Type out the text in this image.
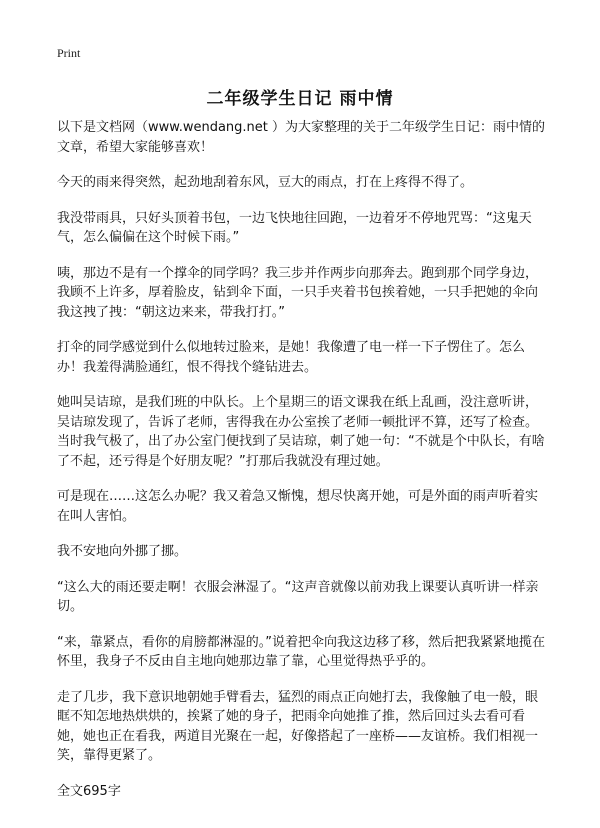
Print
二年级学生日记 雨中情

以下是文档网（www.wendang.net ）为大家整理的关于二年级学生日记：雨中情的文章，希望大家能够喜欢！

今天的雨来得突然，起劲地刮着东风，豆大的雨点，打在上疼得不得了。

我没带雨具，只好头顶着书包，一边飞快地往回跑，一边着牙不停地咒骂：“这鬼天气，怎么偏偏在这个时候下雨。”

咦，那边不是有一个撑伞的同学吗？我三步并作两步向那奔去。跑到那个同学身边，我顾不上许多，厚着脸皮，钻到伞下面，一只手夹着书包挨着她，一只手把她的伞向我这拽了拽：“朝这边来来，带我打打。”

打伞的同学感觉到什么似地转过脸来，是她！我像遭了电一样一下子愣住了。怎么办！我羞得满脸通红，恨不得找个缝钻进去。

她叫吴诘琼，是我们班的中队长。上个星期三的语文课我在纸上乱画，没注意听讲，吴诘琼发现了，告诉了老师，害得我在办公室挨了老师一顿批评不算，还写了检查。当时我气极了，出了办公室门便找到了吴诘琼，刺了她一句：“不就是个中队长，有啥了不起，还亏得是个好朋友呢？”打那后我就没有理过她。

可是现在……这怎么办呢？我又着急又惭愧，想尽快离开她，可是外面的雨声听着实在叫人害怕。

我不安地向外挪了挪。

“这么大的雨还要走啊！衣服会淋湿了。“这声音就像以前劝我上课要认真听讲一样亲切。

“来，靠紧点，看你的肩膀都淋湿的。”说着把伞向我这边移了移，然后把我紧紧地揽在怀里，我身子不反由自主地向她那边靠了靠，心里觉得热乎乎的。

走了几步，我下意识地朝她手臂看去，猛烈的雨点正向她打去，我像触了电一般，眼眶不知怎地热烘烘的，挨紧了她的身子，把雨伞向她推了推，然后回过头去看可看她，她也正在看我，两道目光聚在一起，好像搭起了一座桥——友谊桥。我们相视一笑，靠得更紧了。

全文695字
